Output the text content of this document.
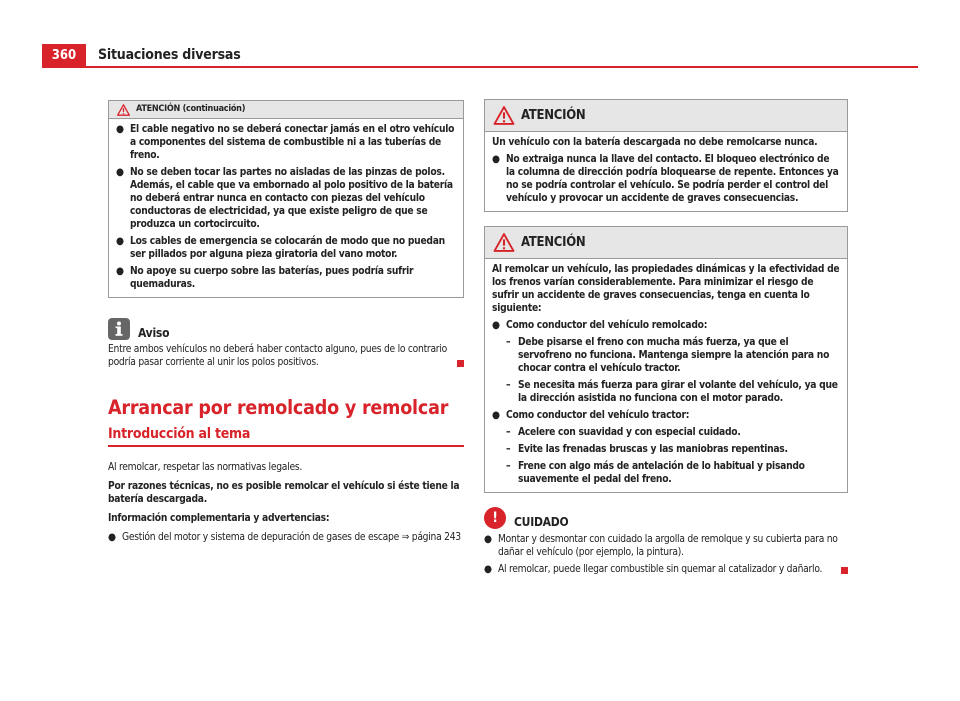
360	Situaciones diversas
ATENCIÓN (continuación)
● El cable negativo no se deberá conectar jamás en el otro vehículo a componentes del sistema de combustible ni a las tuberías de freno.
● No se deben tocar las partes no aisladas de las pinzas de polos. Además, el cable que va embornado al polo positivo de la batería no deberá entrar nunca en contacto con piezas del vehículo conductoras de electricidad, ya que existe peligro de que se produzca un cortocircuito.
● Los cables de emergencia se colocarán de modo que no puedan ser pillados por alguna pieza giratoria del vano motor.
● No apoye su cuerpo sobre las baterías, pues podría sufrir quemaduras.
Aviso
Entre ambos vehículos no deberá haber contacto alguno, pues de lo contrario podría pasar corriente al unir los polos positivos.
Arrancar por remolcado y remolcar
Introducción al tema

Al remolcar, respetar las normativas legales.

Por razones técnicas, no es posible remolcar el vehículo si éste tiene la batería descargada.

Información complementaria y advertencias:

● Gestión del motor y sistema de depuración de gases de escape ⇒ página 243
ATENCIÓN

Un vehículo con la batería descargada no debe remolcarse nunca.

● No extraiga nunca la llave del contacto. El bloqueo electrónico de la columna de dirección podría bloquearse de repente. Entonces ya no se podría controlar el vehículo. Se podría perder el control del vehículo y provocar un accidente de graves consecuencias.
ATENCIÓN

Al remolcar un vehículo, las propiedades dinámicas y la efectividad de los frenos varían considerablemente. Para minimizar el riesgo de sufrir un accidente de graves consecuencias, tenga en cuenta lo siguiente:

● Como conductor del vehículo remolcado:
– Debe pisarse el freno con mucha más fuerza, ya que el servofreno no funciona. Mantenga siempre la atención para no chocar contra el vehículo tractor.
– Se necesita más fuerza para girar el volante del vehículo, ya que la dirección asistida no funciona con el motor parado.
● Como conductor del vehículo tractor:
– Acelere con suavidad y con especial cuidado.
– Evite las frenadas bruscas y las maniobras repentinas.
– Frene con algo más de antelación de lo habitual y pisando suavemente el pedal del freno.
!	CUIDADO
● Montar y desmontar con cuidado la argolla de remolque y su cubierta para no dañar el vehículo (por ejemplo, la pintura).
● Al remolcar, puede llegar combustible sin quemar al catalizador y dañarlo.
